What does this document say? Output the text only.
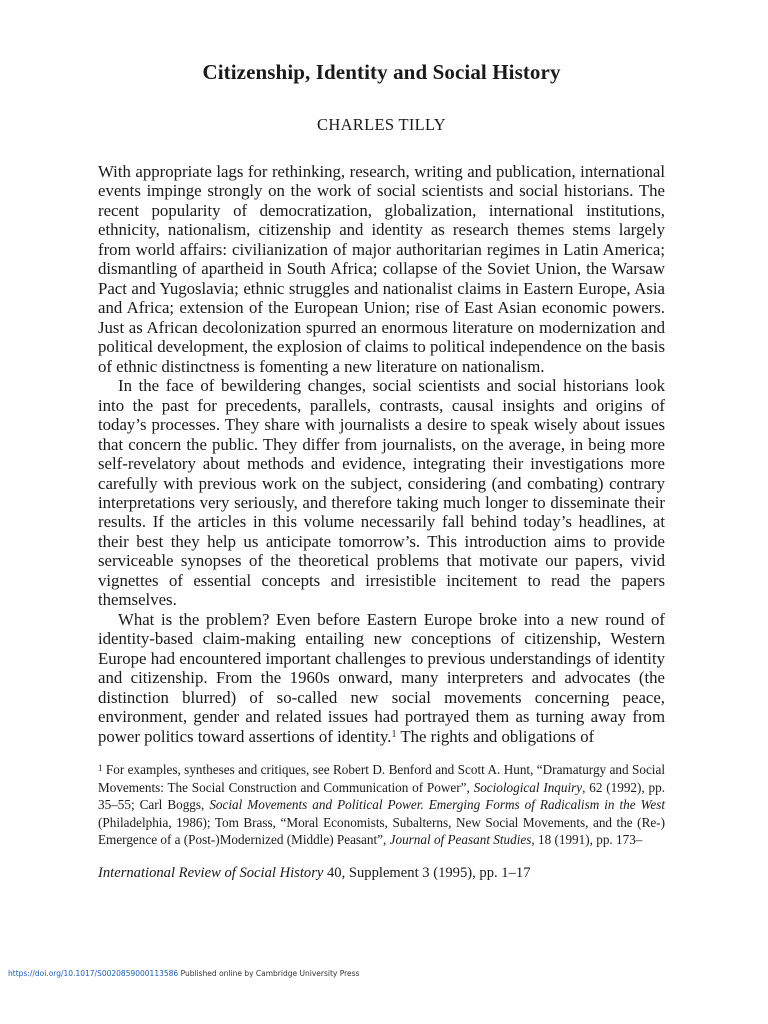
Citizenship, Identity and Social History
CHARLES TILLY

With appropriate lags for rethinking, research, writing and publication, international events impinge strongly on the work of social scientists and social historians. The recent popularity of democratization, globalization, international institutions, ethnicity, nationalism, citizenship and identity as research themes stems largely from world affairs: civilianization of major authoritarian regimes in Latin America; dismantling of apartheid in South Africa; collapse of the Soviet Union, the Warsaw Pact and Yugoslavia; ethnic struggles and nationalist claims in Eastern Europe, Asia and Africa; extension of the European Union; rise of East Asian economic powers. Just as African decolonization spurred an enormous literature on modernization and political development, the explosion of claims to political independence on the basis of ethnic distinctness is fomenting a new literature on nationalism.

In the face of bewildering changes, social scientists and social historians look into the past for precedents, parallels, contrasts, causal insights and origins of today’s processes. They share with journalists a desire to speak wisely about issues that concern the public. They differ from journalists, on the average, in being more self-revelatory about methods and evidence, integrating their investigations more carefully with previous work on the subject, considering (and combating) contrary interpretations very seriously, and therefore taking much longer to disseminate their results. If the articles in this volume necessarily fall behind today’s headlines, at their best they help us anticipate tomorrow’s. This introduction aims to provide serviceable synopses of the theoretical problems that motivate our papers, vivid vignettes of essential concepts and irresistible incitement to read the papers themselves.

What is the problem? Even before Eastern Europe broke into a new round of identity-based claim-making entailing new conceptions of citizenship, Western Europe had encountered important challenges to previous understandings of identity and citizenship. From the 1960s onward, many interpreters and advocates (the distinction blurred) of so-called new social movements concerning peace, environment, gender and related issues had portrayed them as turning away from power politics toward assertions of identity.$^1$ The rights and obligations of

$^1$ For examples, syntheses and critiques, see Robert D. Benford and Scott A. Hunt, “Dramaturgy and Social Movements: The Social Construction and Communication of Power”, Sociological Inquiry, 62 (1992), pp. 35–55; Carl Boggs, Social Movements and Political Power. Emerging Forms of Radicalism in the West (Philadelphia, 1986); Tom Brass, “Moral Economists, Subalterns, New Social Movements, and the (Re-) Emergence of a (Post-)Modernized (Middle) Peasant”, Journal of Peasant Studies, 18 (1991), pp. 173–

International Review of Social History 40, Supplement 3 (1995), pp. 1–17
https://doi.org/10.1017/S0020859000113586 Published online by Cambridge University Press
